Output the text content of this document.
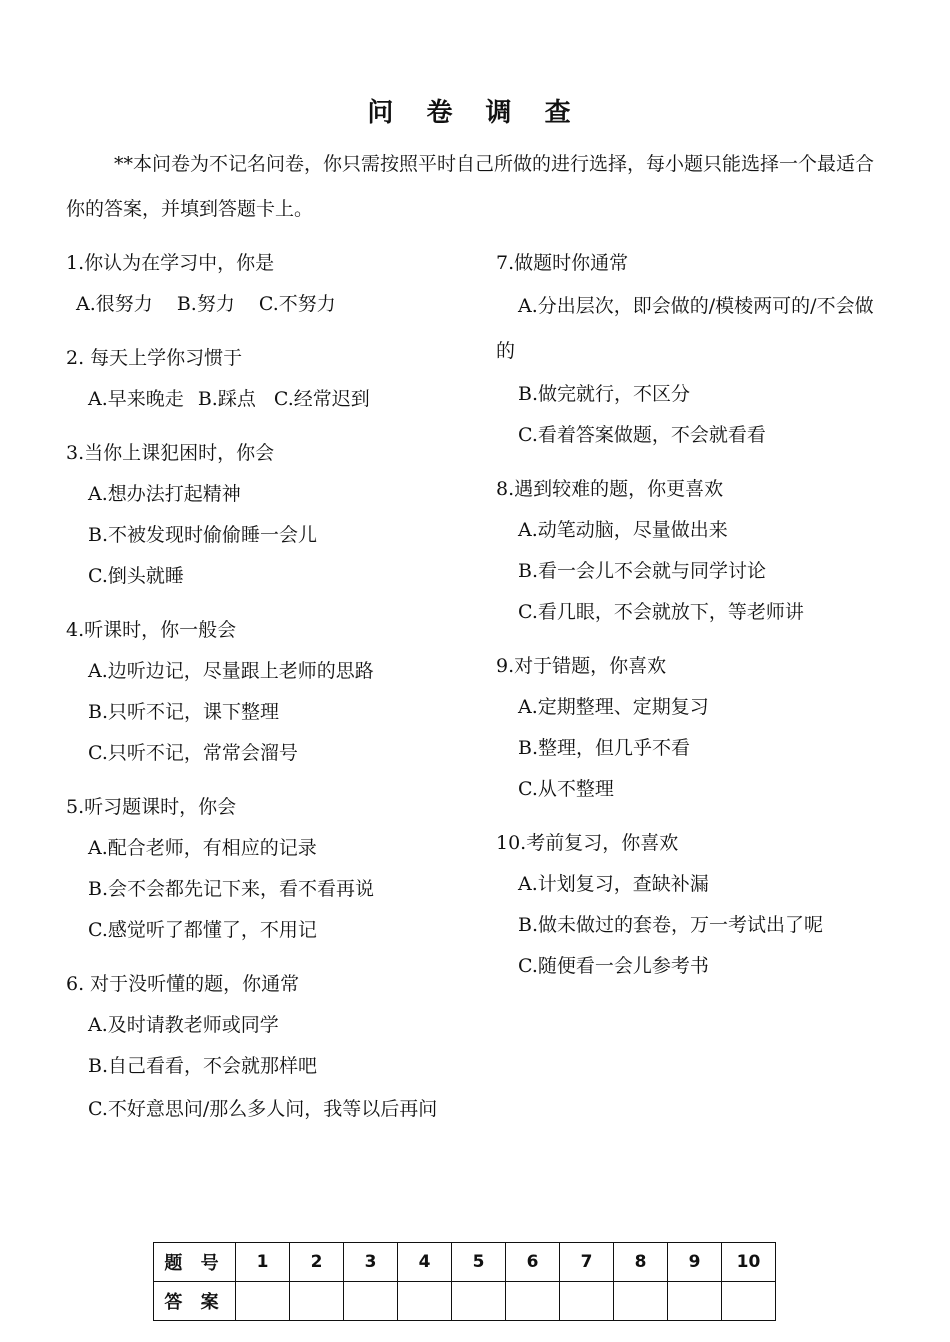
问 卷 调 查
**本问卷为不记名问卷，你只需按照平时自己所做的进行选择，每小题只能选择一个最适合你的答案，并填到答题卡上。
1.你认为在学习中，你是
A.很努力 B.努力 C.不努力
2. 每天上学你习惯于
A.早来晚走 B.踩点 C.经常迟到
3.当你上课犯困时，你会
A.想办法打起精神
B.不被发现时偷偷睡一会儿
C.倒头就睡
4.听课时，你一般会
A.边听边记，尽量跟上老师的思路
B.只听不记，课下整理
C.只听不记，常常会溜号
5.听习题课时，你会
A.配合老师，有相应的记录
B.会不会都先记下来，看不看再说
C.感觉听了都懂了，不用记
6. 对于没听懂的题，你通常
A.及时请教老师或同学
B.自己看看，不会就那样吧
C.不好意思问/那么多人问，我等以后再问
7.做题时你通常
A.分出层次，即会做的/模棱两可的/不会做的
B.做完就行，不区分
C.看着答案做题，不会就看看
8.遇到较难的题，你更喜欢
A.动笔动脑，尽量做出来
B.看一会儿不会就与同学讨论
C.看几眼，不会就放下，等老师讲
9.对于错题，你喜欢
A.定期整理、定期复习
B.整理，但几乎不看
C.从不整理
10.考前复习，你喜欢
A.计划复习，查缺补漏
B.做未做过的套卷，万一考试出了呢
C.随便看一会儿参考书
题 号	1	2	3	4	5	6	7	8	9	10
答 案										
